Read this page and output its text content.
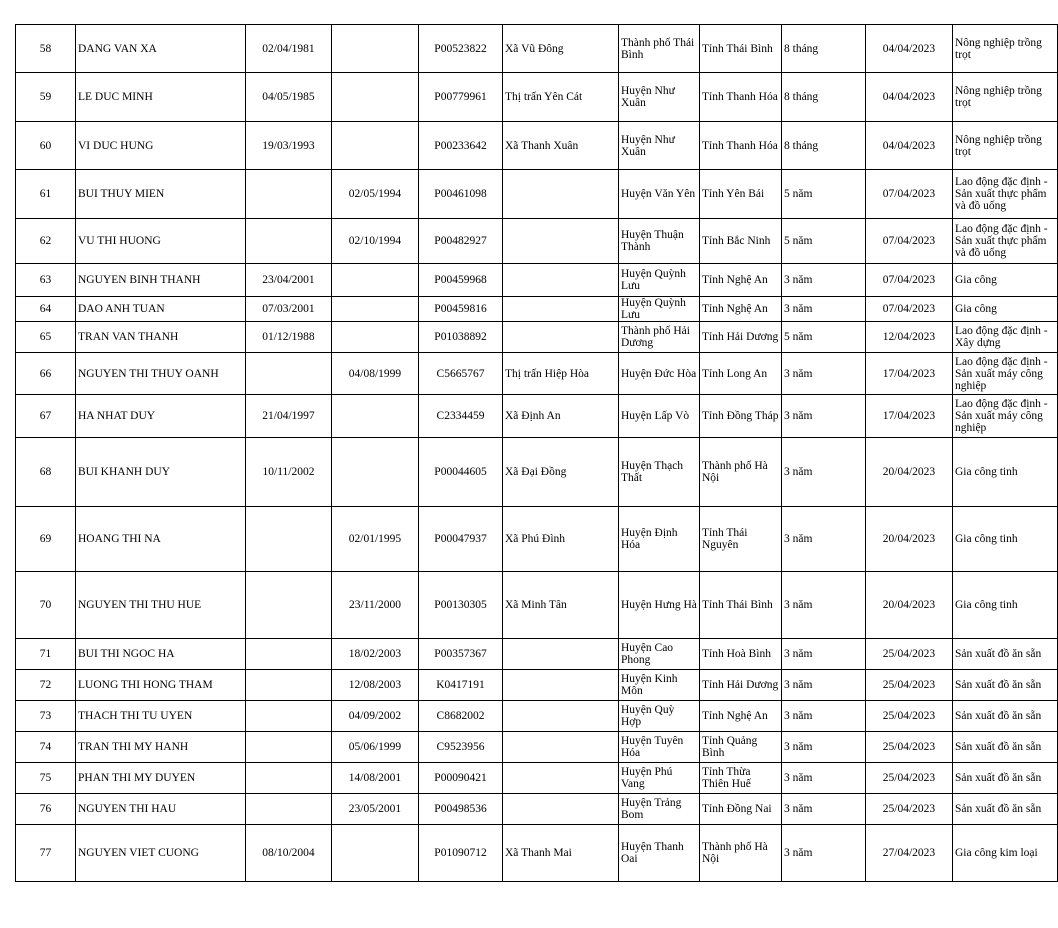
58	DANG VAN XA	02/04/1981		P00523822	Xã Vũ Đông	Thành phố Thái Bình	Tỉnh Thái Bình	8 tháng	04/04/2023	Nông nghiệp trồng trọt
59	LE DUC MINH	04/05/1985		P00779961	Thị trấn Yên Cát	Huyện Như Xuân	Tỉnh Thanh Hóa	8 tháng	04/04/2023	Nông nghiệp trồng trọt
60	VI DUC HUNG	19/03/1993		P00233642	Xã Thanh Xuân	Huyện Như Xuân	Tỉnh Thanh Hóa	8 tháng	04/04/2023	Nông nghiệp trồng trọt
61	BUI THUY MIEN		02/05/1994	P00461098		Huyện Văn Yên	Tỉnh Yên Bái	5 năm	07/04/2023	Lao động đặc định - Sản xuất thực phẩm và đồ uống
62	VU THI HUONG		02/10/1994	P00482927		Huyện Thuận Thành	Tỉnh Bắc Ninh	5 năm	07/04/2023	Lao động đặc định - Sản xuất thực phẩm và đồ uống
63	NGUYEN BINH THANH	23/04/2001		P00459968		Huyện Quỳnh Lưu	Tỉnh Nghệ An	3 năm	07/04/2023	Gia công
64	DAO ANH TUAN	07/03/2001		P00459816		Huyện Quỳnh Lưu	Tỉnh Nghệ An	3 năm	07/04/2023	Gia công
65	TRAN VAN THANH	01/12/1988		P01038892		Thành phố Hải Dương	Tỉnh Hải Dương	5 năm	12/04/2023	Lao động đặc định - Xây dựng
66	NGUYEN THI THUY OANH		04/08/1999	C5665767	Thị trấn Hiệp Hòa	Huyện Đức Hòa	Tỉnh Long An	3 năm	17/04/2023	Lao động đặc định - Sản xuất máy công nghiệp
67	HA NHAT DUY	21/04/1997		C2334459	Xã Định An	Huyện Lấp Vò	Tỉnh Đồng Tháp	3 năm	17/04/2023	Lao động đặc định - Sản xuất máy công nghiệp
68	BUI KHANH DUY	10/11/2002		P00044605	Xã Đại Đồng	Huyện Thạch Thất	Thành phố Hà Nội	3 năm	20/04/2023	Gia công tinh
69	HOANG THI NA		02/01/1995	P00047937	Xã Phú Đình	Huyện Định Hóa	Tỉnh Thái Nguyên	3 năm	20/04/2023	Gia công tinh
70	NGUYEN THI THU HUE		23/11/2000	P00130305	Xã Minh Tân	Huyện Hưng Hà	Tỉnh Thái Bình	3 năm	20/04/2023	Gia công tinh
71	BUI THI NGOC HA		18/02/2003	P00357367		Huyện Cao Phong	Tỉnh Hoà Bình	3 năm	25/04/2023	Sản xuất đồ ăn sẵn
72	LUONG THI HONG THAM		12/08/2003	K0417191		Huyện Kinh Môn	Tỉnh Hải Dương	3 năm	25/04/2023	Sản xuất đồ ăn sẵn
73	THACH THI TU UYEN		04/09/2002	C8682002		Huyện Quỳ Hợp	Tỉnh Nghệ An	3 năm	25/04/2023	Sản xuất đồ ăn sẵn
74	TRAN THI MY HANH		05/06/1999	C9523956		Huyện Tuyên Hóa	Tỉnh Quảng Bình	3 năm	25/04/2023	Sản xuất đồ ăn sẵn
75	PHAN THI MY DUYEN		14/08/2001	P00090421		Huyện Phú Vang	Tỉnh Thừa Thiên Huế	3 năm	25/04/2023	Sản xuất đồ ăn sẵn
76	NGUYEN THI HAU		23/05/2001	P00498536		Huyện Trảng Bom	Tỉnh Đồng Nai	3 năm	25/04/2023	Sản xuất đồ ăn sẵn
77	NGUYEN VIET CUONG	08/10/2004		P01090712	Xã Thanh Mai	Huyện Thanh Oai	Thành phố Hà Nội	3 năm	27/04/2023	Gia công kim loại
